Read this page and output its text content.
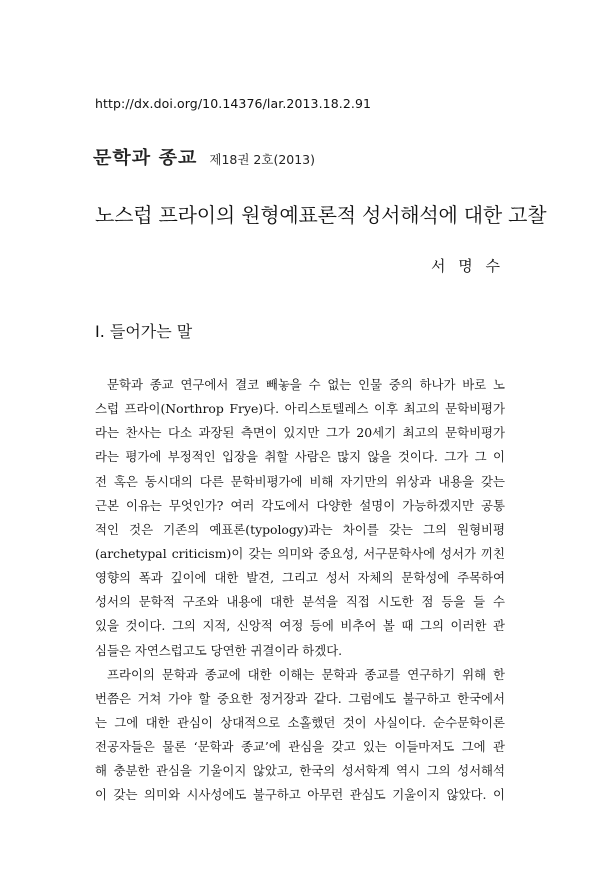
http://dx.doi.org/10.14376/lar.2013.18.2.91
문학과 종교 제18권 2호(2013)
노스럽 프라이의 원형예표론적 성서해석에 대한 고찰
서 명 수
Ⅰ. 들어가는 말
문학과 종교 연구에서 결코 빼놓을 수 없는 인물 중의 하나가 바로 노
스럽 프라이(Northrop Frye)다. 아리스토텔레스 이후 최고의 문학비평가
라는 찬사는 다소 과장된 측면이 있지만 그가 20세기 최고의 문학비평가
라는 평가에 부정적인 입장을 취할 사람은 많지 않을 것이다. 그가 그 이
전 혹은 동시대의 다른 문학비평가에 비해 자기만의 위상과 내용을 갖는
근본 이유는 무엇인가? 여러 각도에서 다양한 설명이 가능하겠지만 공통
적인 것은 기존의 예표론(typology)과는 차이를 갖는 그의 원형비평
(archetypal criticism)이 갖는 의미와 중요성, 서구문학사에 성서가 끼친
영향의 폭과 깊이에 대한 발견, 그리고 성서 자체의 문학성에 주목하여
성서의 문학적 구조와 내용에 대한 분석을 직접 시도한 점 등을 들 수
있을 것이다. 그의 지적, 신앙적 여정 등에 비추어 볼 때 그의 이러한 관
심들은 자연스럽고도 당연한 귀결이라 하겠다.
프라이의 문학과 종교에 대한 이해는 문학과 종교를 연구하기 위해 한
번쯤은 거쳐 가야 할 중요한 정거장과 같다. 그럼에도 불구하고 한국에서
는 그에 대한 관심이 상대적으로 소홀했던 것이 사실이다. 순수문학이론
전공자들은 물론 ‘문학과 종교’에 관심을 갖고 있는 이들마저도 그에 관
해 충분한 관심을 기울이지 않았고, 한국의 성서학계 역시 그의 성서해석
이 갖는 의미와 시사성에도 불구하고 아무런 관심도 기울이지 않았다. 이
